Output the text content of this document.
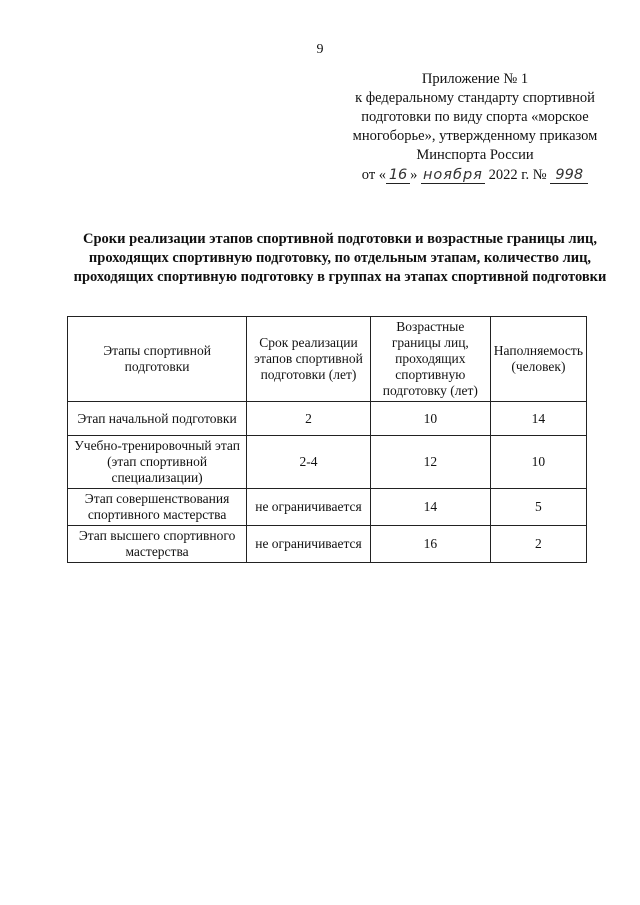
9
Приложение № 1
к федеральному стандарту спортивной
подготовки по виду спорта «морское
многоборье», утвержденному приказом
Минспорта России
от « 16 » ноября 2022 г. № 998
Сроки реализации этапов спортивной подготовки и возрастные границы лиц, проходящих спортивную подготовку, по отдельным этапам, количество лиц, проходящих спортивную подготовку в группах на этапах спортивной подготовки
Этапы спортивной подготовки	Срок реализации этапов спортивной подготовки (лет)	Возрастные границы лиц, проходящих спортивную подготовку (лет)	Наполняемость (человек)
Этап начальной подготовки	2	10	14
Учебно-тренировочный этап (этап спортивной специализации)	2-4	12	10
Этап совершенствования спортивного мастерства	не ограничивается	14	5
Этап высшего спортивного мастерства	не ограничивается	16	2
